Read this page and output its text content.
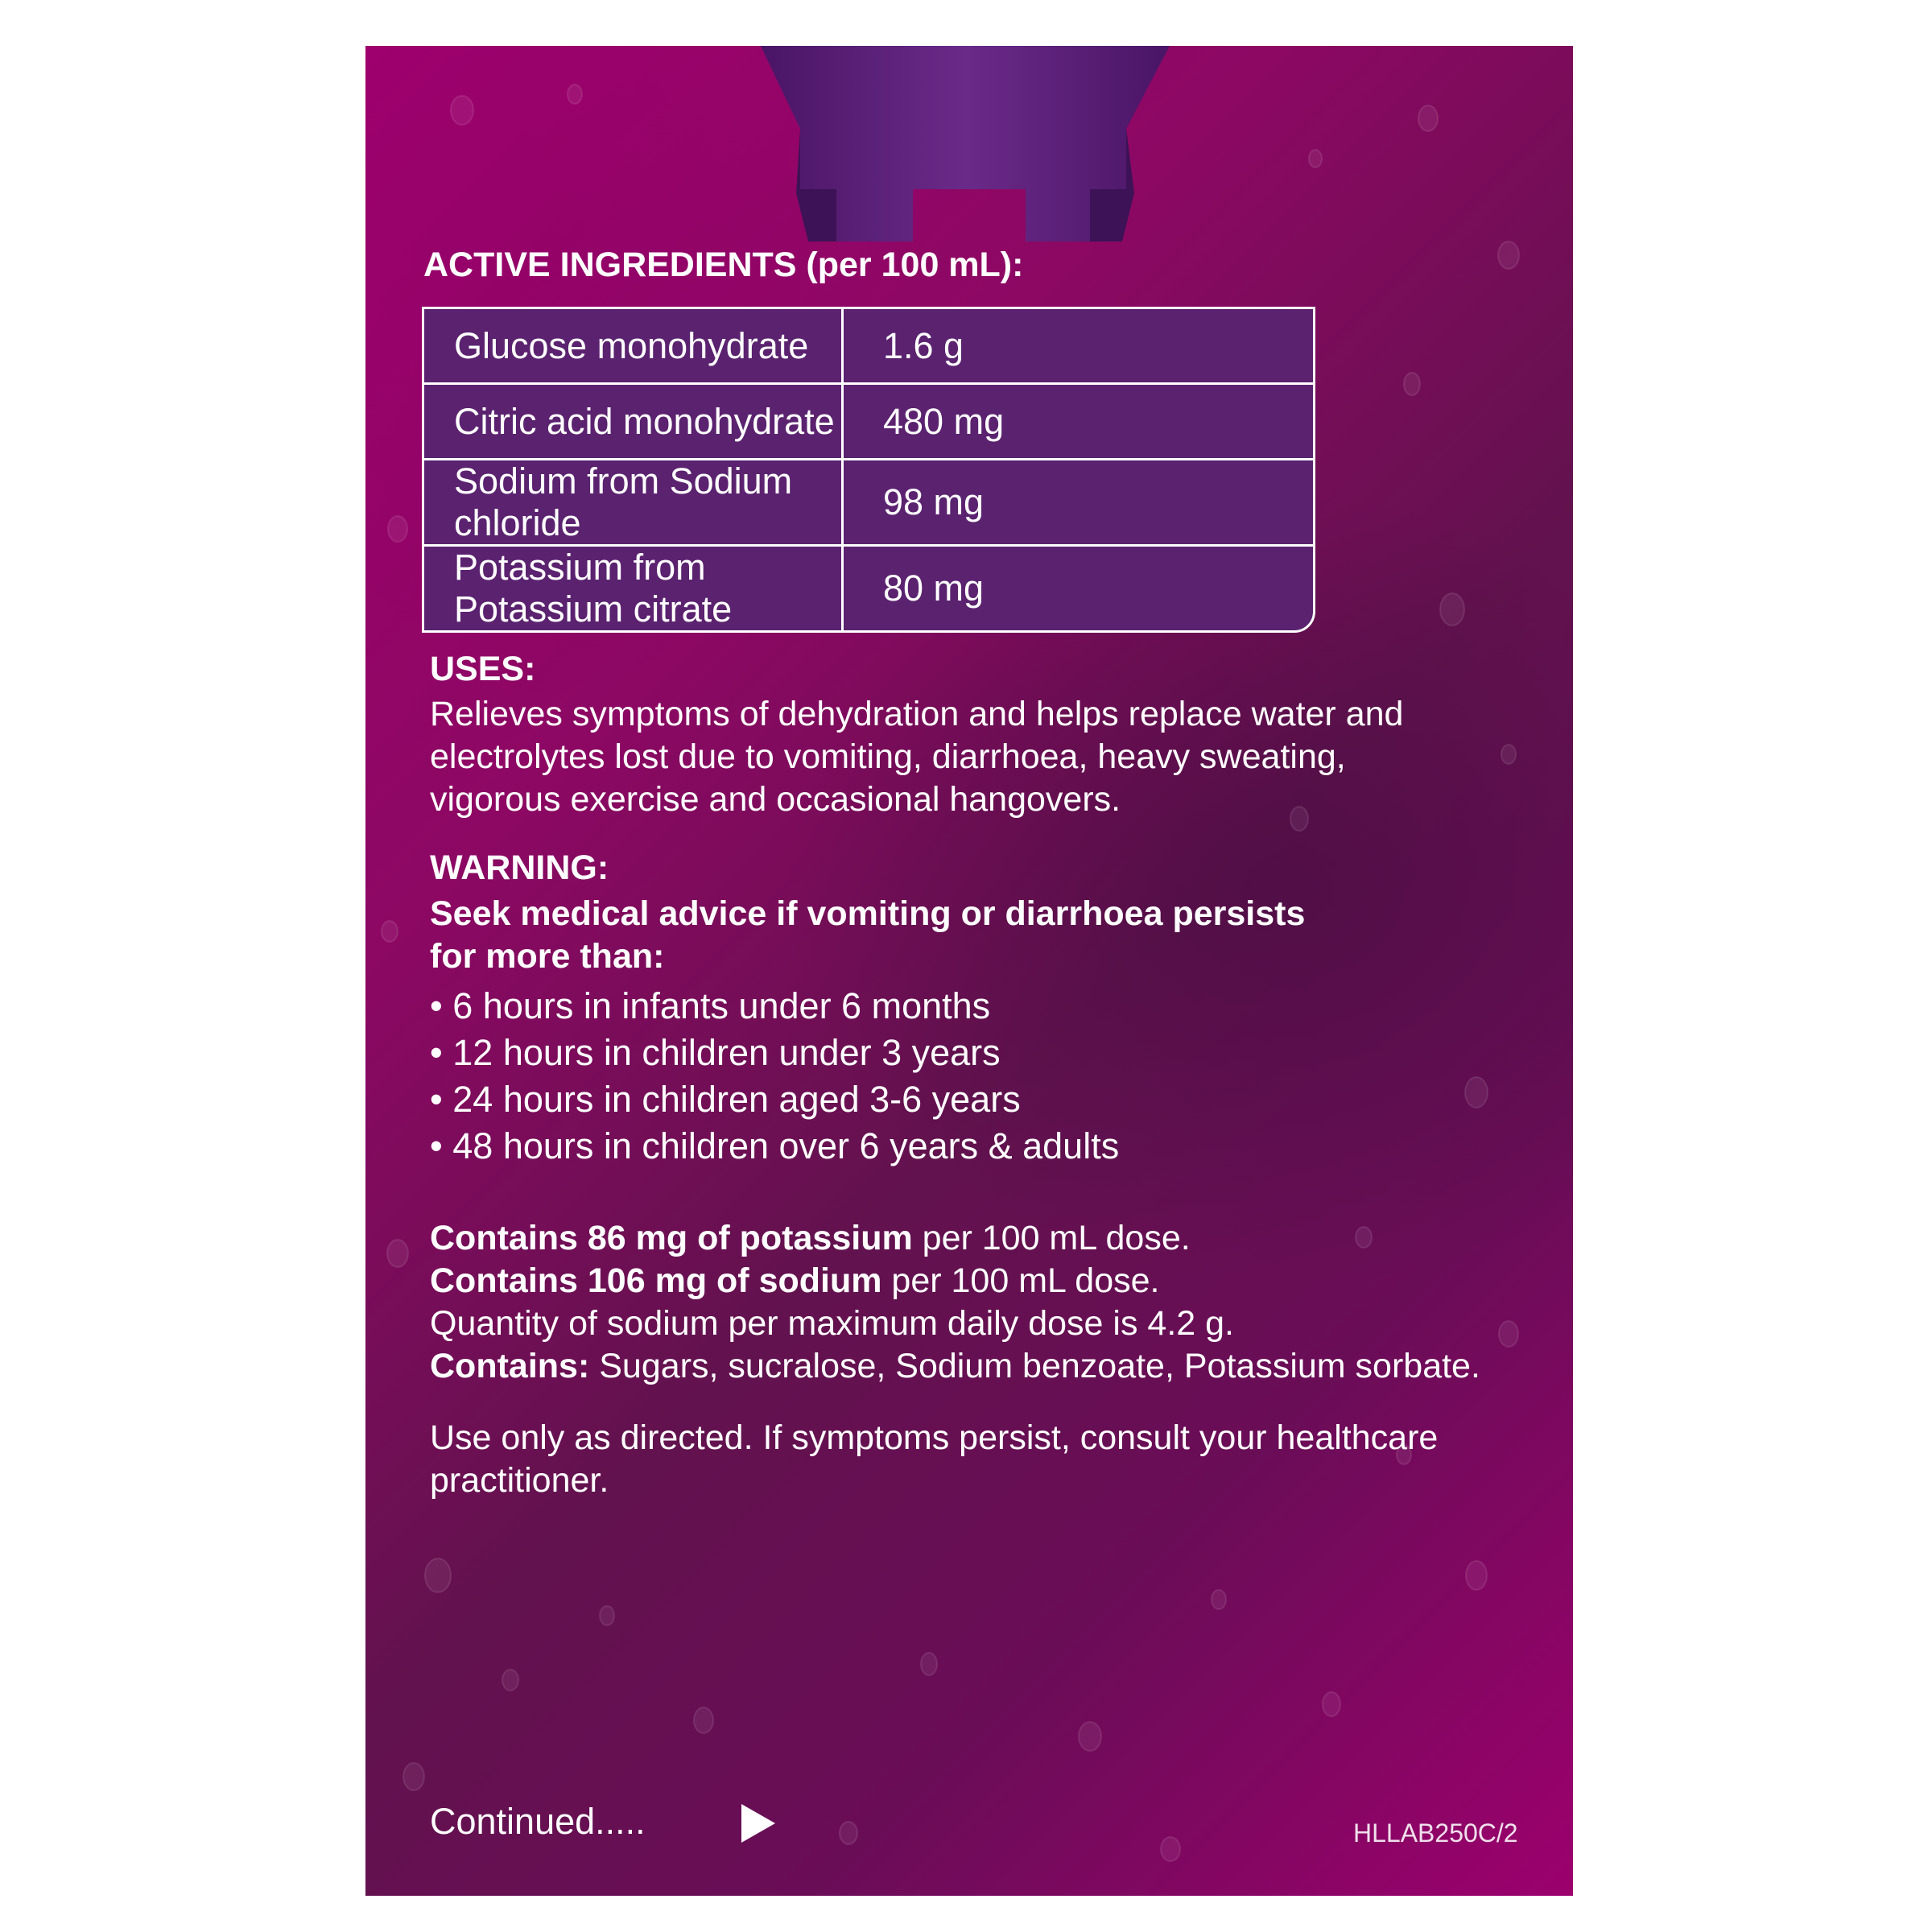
ACTIVE INGREDIENTS (per 100 mL):
Glucose monohydrate	1.6 g
Citric acid monohydrate	480 mg
Sodium from Sodium chloride	98 mg
Potassium from Potassium citrate	80 mg
USES:
Relieves symptoms of dehydration and helps replace water and
electrolytes lost due to vomiting, diarrhoea, heavy sweating,
vigorous exercise and occasional hangovers.
WARNING:
Seek medical advice if vomiting or diarrhoea persists
for more than:
• 6 hours in infants under 6 months
• 12 hours in children under 3 years
• 24 hours in children aged 3-6 years
• 48 hours in children over 6 years & adults
Contains 86 mg of potassium per 100 mL dose.
Contains 106 mg of sodium per 100 mL dose.
Quantity of sodium per maximum daily dose is 4.2 g.
Contains: Sugars, sucralose, Sodium benzoate, Potassium sorbate.
Use only as directed. If symptoms persist, consult your healthcare
practitioner.
Continued.....	HLLAB250C/2
